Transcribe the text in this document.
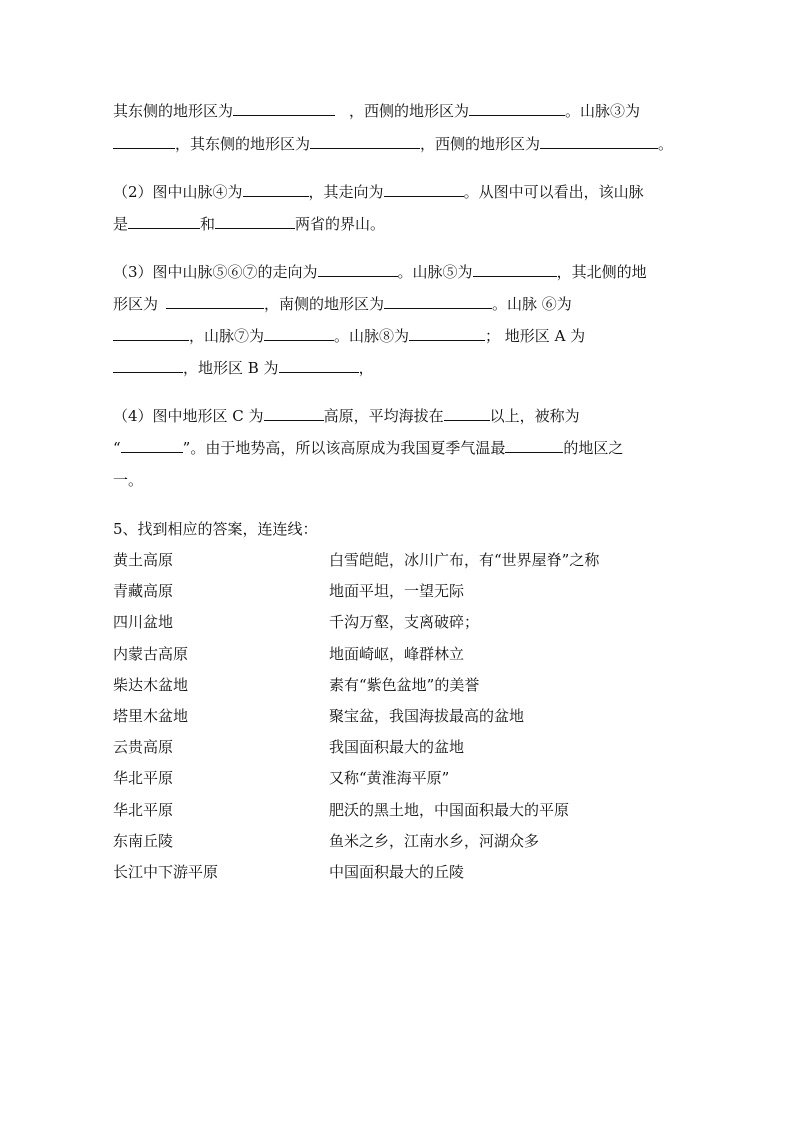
其东侧的地形区为	，西侧的地形区为	。山脉③为
，其东侧的地形区为	，西侧的地形区为	。
（2）图中山脉④为	，其走向为	。从图中可以看出，该山脉
是	和	两省的界山。
（3）图中山脉⑤⑥⑦的走向为	。山脉⑤为	，其北侧的地
形区为	，南侧的地形区为	。山脉 ⑥为
，山脉⑦为	。山脉⑧为	； 地形区 A 为
，地形区 B 为	，
（4）图中地形区 C 为	高原，平均海拔在	以上，被称为
“	”。由于地势高，所以该高原成为我国夏季气温最	的地区之
一。
5、找到相应的答案，连连线：
黄土高原	白雪皑皑，冰川广布，有“世界屋脊”之称
青藏高原	地面平坦，一望无际
四川盆地	千沟万壑，支离破碎；
内蒙古高原	地面崎岖，峰群林立
柴达木盆地	素有“紫色盆地”的美誉
塔里木盆地	聚宝盆，我国海拔最高的盆地
云贵高原	我国面积最大的盆地
华北平原	又称“黄淮海平原”
华北平原	肥沃的黑土地，中国面积最大的平原
东南丘陵	鱼米之乡，江南水乡，河湖众多
长江中下游平原	中国面积最大的丘陵
